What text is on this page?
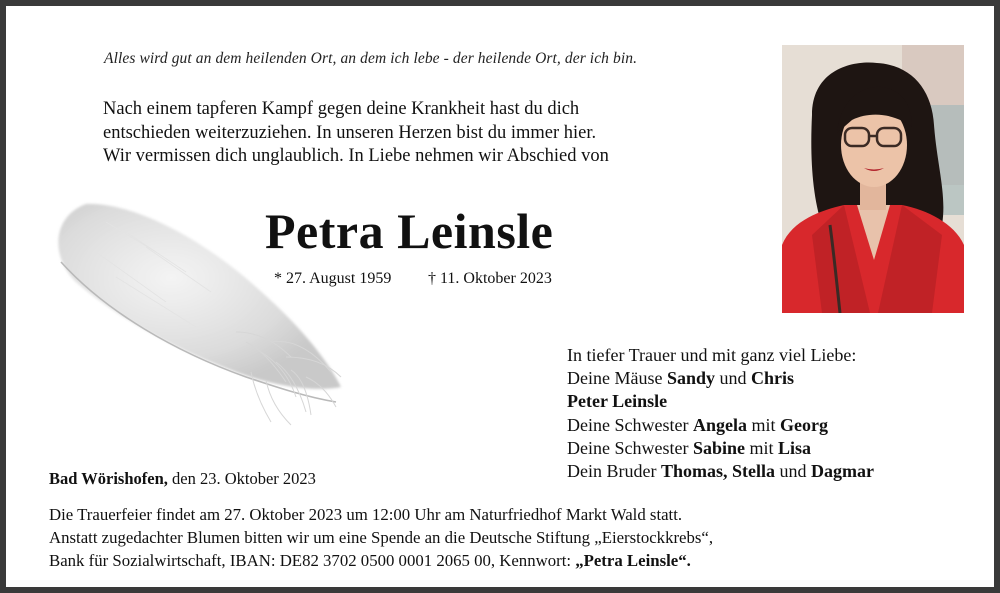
Alles wird gut an dem heilenden Ort, an dem ich lebe - der heilende Ort, der ich bin.
Nach einem tapferen Kampf gegen deine Krankheit hast du dich
entschieden weiterzuziehen. In unseren Herzen bist du immer hier.
Wir vermissen dich unglaublich. In Liebe nehmen wir Abschied von
Petra Leinsle
* 27. August 1959 † 11. Oktober 2023
In tiefer Trauer und mit ganz viel Liebe:
Deine Mäuse Sandy und Chris
Peter Leinsle
Deine Schwester Angela mit Georg
Deine Schwester Sabine mit Lisa
Dein Bruder Thomas, Stella und Dagmar
Bad Wörishofen, den 23. Oktober 2023
Die Trauerfeier findet am 27. Oktober 2023 um 12:00 Uhr am Naturfriedhof Markt Wald statt.
Anstatt zugedachter Blumen bitten wir um eine Spende an die Deutsche Stiftung „Eierstockkrebs“,
Bank für Sozialwirtschaft, IBAN: DE82 3702 0500 0001 2065 00, Kennwort: „Petra Leinsle“.
